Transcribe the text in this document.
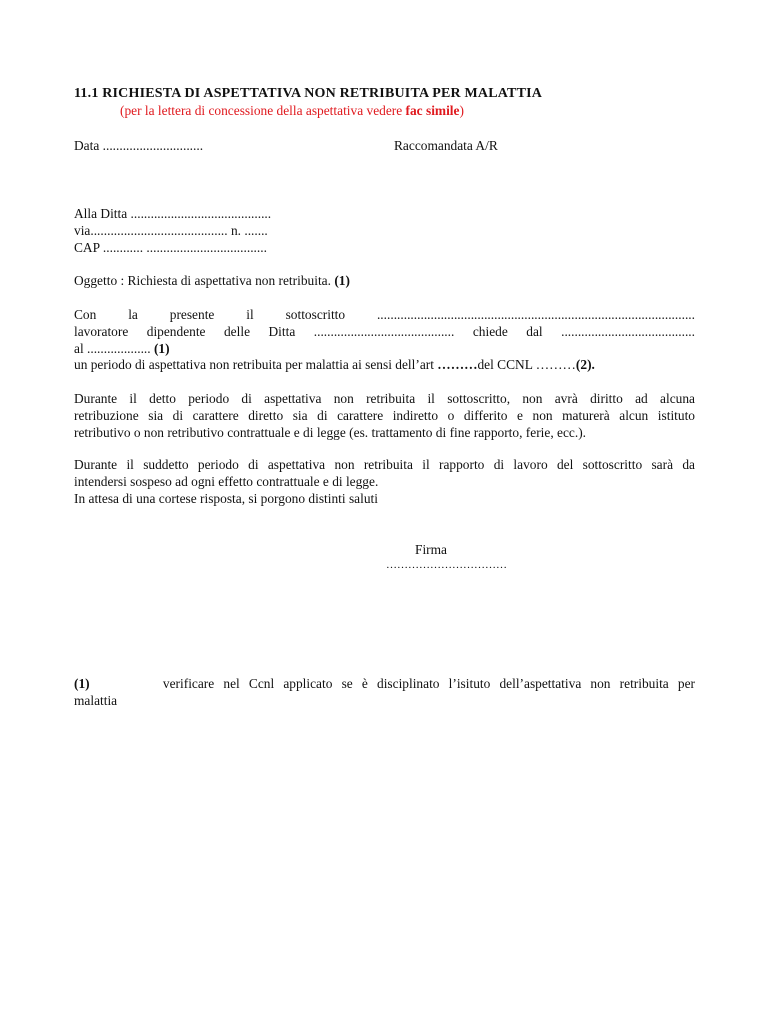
11.1 RICHIESTA DI ASPETTATIVA NON RETRIBUITA PER MALATTIA
(per la lettera di concessione della aspettativa vedere fac simile)
Data ..............................	Raccomandata A/R
Alla Ditta ..........................................
via......................................... n. .......
CAP ............ ....................................
Oggetto : Richiesta di aspettativa non retribuita. (1)
Con la presente il sottoscritto ...............................................................................................
lavoratore dipendente delle Ditta .......................................... chiede dal ........................................
al ................... (1)
un periodo di aspettativa non retribuita per malattia ai sensi dell’art ………del CCNL ………(2).
Durante il detto periodo di aspettativa non retribuita il sottoscritto, non avrà diritto ad alcuna
retribuzione sia di carattere diretto sia di carattere indiretto o differito e non maturerà alcun istituto
retributivo o non retributivo contrattuale e di legge (es. trattamento di fine rapporto, ferie, ecc.).
Durante il suddetto periodo di aspettativa non retribuita il rapporto di lavoro del sottoscritto sarà da
intendersi sospeso ad ogni effetto contrattuale e di legge.
In attesa di una cortese risposta, si porgono distinti saluti
Firma
……………………………
(1)	verificare nel Ccnl applicato se è disciplinato l’isituto dell’aspettativa non retribuita per
malattia
